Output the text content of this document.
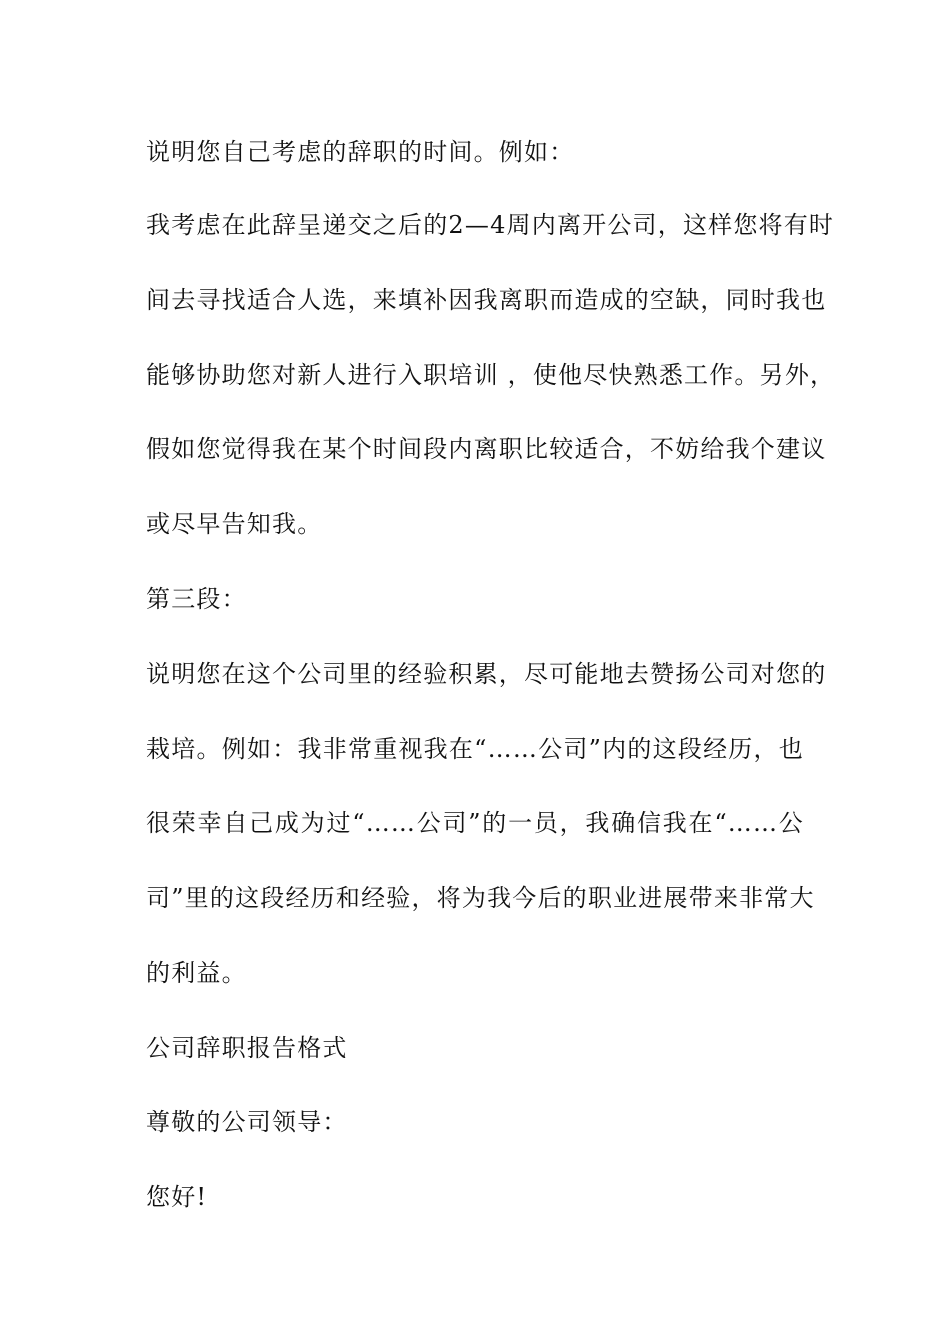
说明您自己考虑的辞职的时间。例如：
我考虑在此辞呈递交之后的2—4周内离开公司，这样您将有时
间去寻找适合人选，来填补因我离职而造成的空缺，同时我也
能够协助您对新人进行入职培训 ，使他尽快熟悉工作。另外，
假如您觉得我在某个时间段内离职比较适合，不妨给我个建议
或尽早告知我。
第三段：
说明您在这个公司里的经验积累，尽可能地去赞扬公司对您的
栽培。例如：我非常重视我在“……公司”内的这段经历，也
很荣幸自己成为过“……公司”的一员，我确信我在“……公
司”里的这段经历和经验，将为我今后的职业进展带来非常大
的利益。
公司辞职报告格式
尊敬的公司领导：
您好!
